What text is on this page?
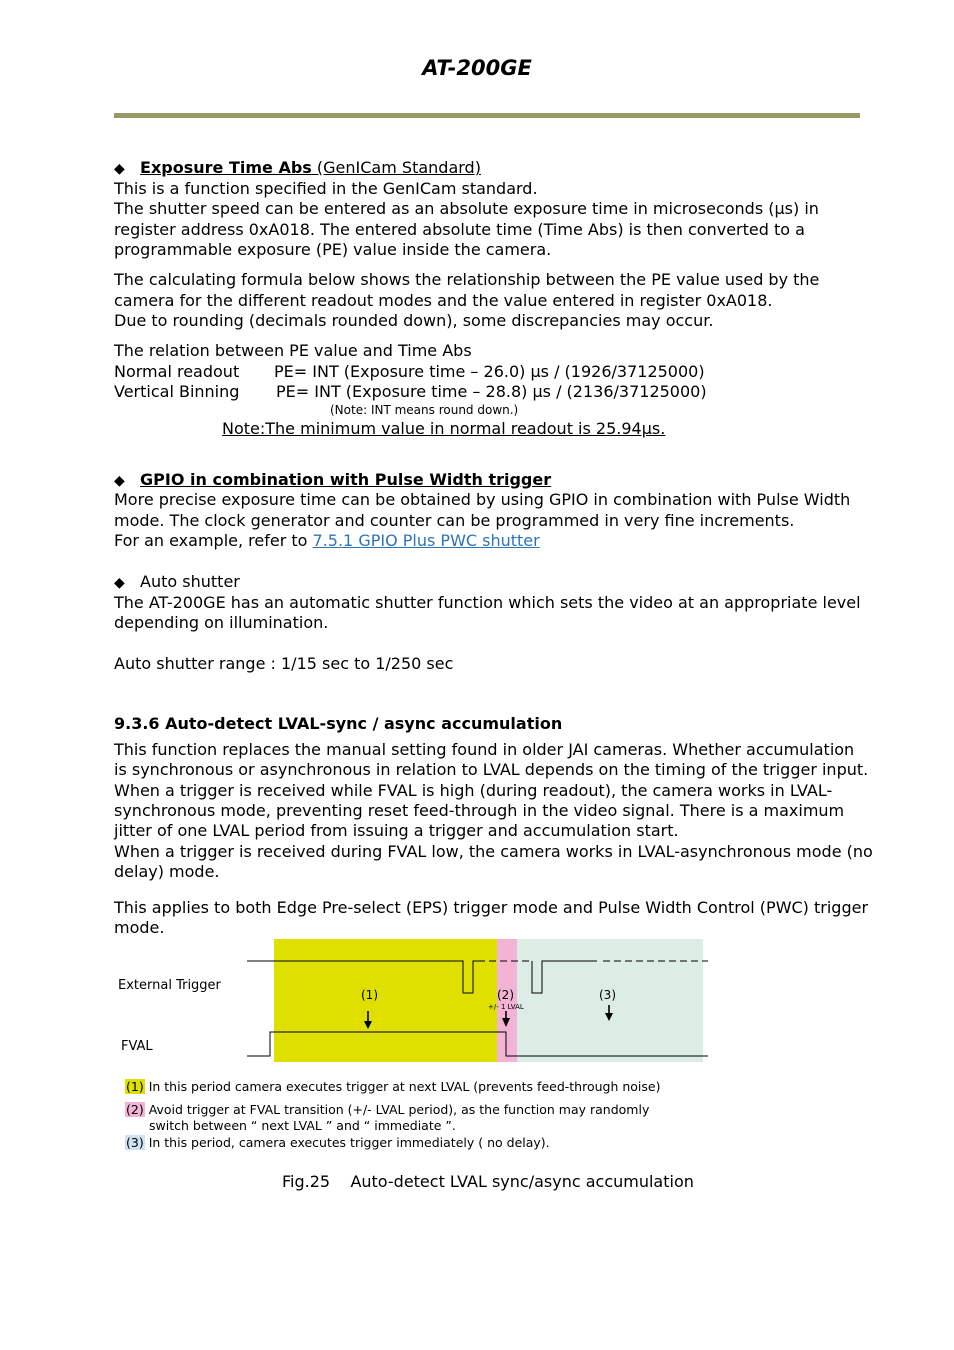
AT-200GE
◆ Exposure Time Abs (GenICam Standard)
This is a function specified in the GenICam standard.
The shutter speed can be entered as an absolute exposure time in microseconds (µs) in
register address 0xA018. The entered absolute time (Time Abs) is then converted to a
programmable exposure (PE) value inside the camera.
The calculating formula below shows the relationship between the PE value used by the
camera for the different readout modes and the value entered in register 0xA018.
Due to rounding (decimals rounded down), some discrepancies may occur.
The relation between PE value and Time Abs
Normal readout PE= INT (Exposure time – 26.0) µs / (1926/37125000)
Vertical Binning PE= INT (Exposure time – 28.8) µs / (2136/37125000)
(Note: INT means round down.)
Note:The minimum value in normal readout is 25.94µs.
◆ GPIO in combination with Pulse Width trigger
More precise exposure time can be obtained by using GPIO in combination with Pulse Width
mode. The clock generator and counter can be programmed in very fine increments.
For an example, refer to 7.5.1 GPIO Plus PWC shutter
◆ Auto shutter
The AT-200GE has an automatic shutter function which sets the video at an appropriate level
depending on illumination.
Auto shutter range : 1/15 sec to 1/250 sec
9.3.6 Auto-detect LVAL-sync / async accumulation
This function replaces the manual setting found in older JAI cameras. Whether accumulation
is synchronous or asynchronous in relation to LVAL depends on the timing of the trigger input.
When a trigger is received while FVAL is high (during readout), the camera works in LVAL-
synchronous mode, preventing reset feed-through in the video signal. There is a maximum
jitter of one LVAL period from issuing a trigger and accumulation start.
When a trigger is received during FVAL low, the camera works in LVAL-asynchronous mode (no
delay) mode.
This applies to both Edge Pre-select (EPS) trigger mode and Pulse Width Control (PWC) trigger
mode.
External Trigger
FVAL
(1)	(2)	(3)
+/- 1 LVAL
(1) In this period camera executes trigger at next LVAL (prevents feed-through noise)
(2) Avoid trigger at FVAL transition (+/- LVAL period), as the function may randomly
switch between “ next LVAL ” and “ immediate ”.
(3) In this period, camera executes trigger immediately ( no delay).
Fig.25 Auto-detect LVAL sync/async accumulation
